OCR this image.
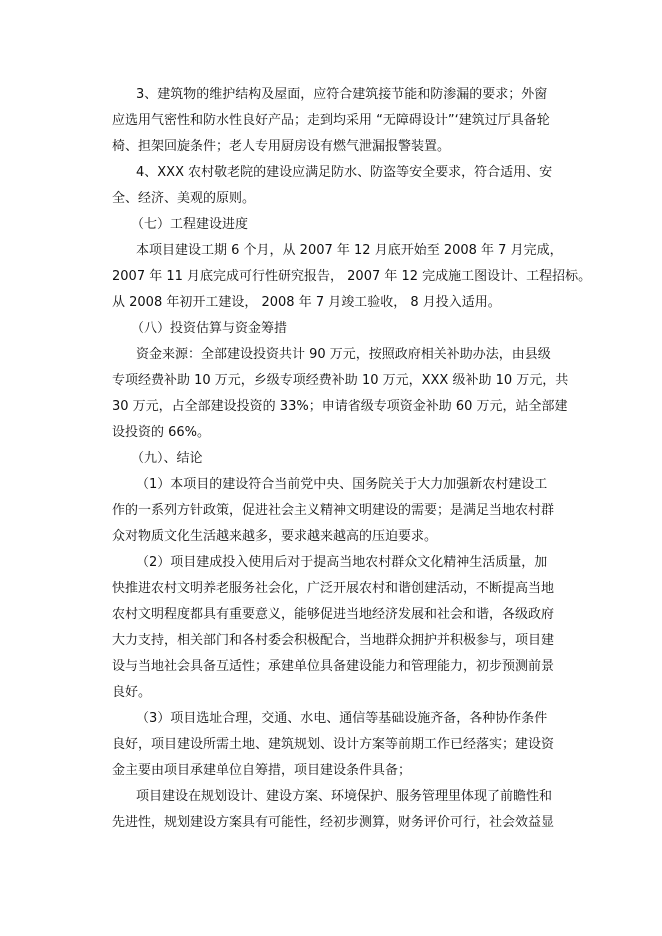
3、建筑物的维护结构及屋面，应符合建筑接节能和防渗漏的要求；外窗
应选用气密性和防水性良好产品；走到均采用 “无障碍设计”‘建筑过厅具备轮
椅、担架回旋条件；老人专用厨房设有燃气泄漏报警装置。
4、XXX 农村敬老院的建设应满足防水、防盗等安全要求，符合适用、安
全、经济、美观的原则。
（七）工程建设进度
本项目建设工期 6 个月，从 2007 年 12 月底开始至 2008 年 7 月完成，
2007 年 11 月底完成可行性研究报告， 2007 年 12 完成施工图设计、工程招标。
从 2008 年初开工建设， 2008 年 7 月竣工验收， 8 月投入适用。
（八）投资估算与资金筹措
资金来源：全部建设投资共计 90 万元，按照政府相关补助办法，由县级
专项经费补助 10 万元，乡级专项经费补助 10 万元，XXX 级补助 10 万元，共
30 万元，占全部建设投资的 33%；申请省级专项资金补助 60 万元，站全部建
设投资的 66%。
（九）、结论
（1）本项目的建设符合当前党中央、国务院关于大力加强新农村建设工
作的一系列方针政策，促进社会主义精神文明建设的需要；是满足当地农村群
众对物质文化生活越来越多，要求越来越高的压迫要求。
（2）项目建成投入使用后对于提高当地农村群众文化精神生活质量，加
快推进农村文明养老服务社会化，广泛开展农村和谐创建活动，不断提高当地
农村文明程度都具有重要意义，能够促进当地经济发展和社会和谐，各级政府
大力支持，相关部门和各村委会积极配合，当地群众拥护并积极参与，项目建
设与当地社会具备互适性；承建单位具备建设能力和管理能力，初步预测前景
良好。
（3）项目选址合理，交通、水电、通信等基础设施齐备，各种协作条件
良好，项目建设所需土地、建筑规划、设计方案等前期工作已经落实；建设资
金主要由项目承建单位自筹措，项目建设条件具备；
项目建设在规划设计、建设方案、环境保护、服务管理里体现了前瞻性和
先进性，规划建设方案具有可能性，经初步测算，财务评价可行，社会效益显
